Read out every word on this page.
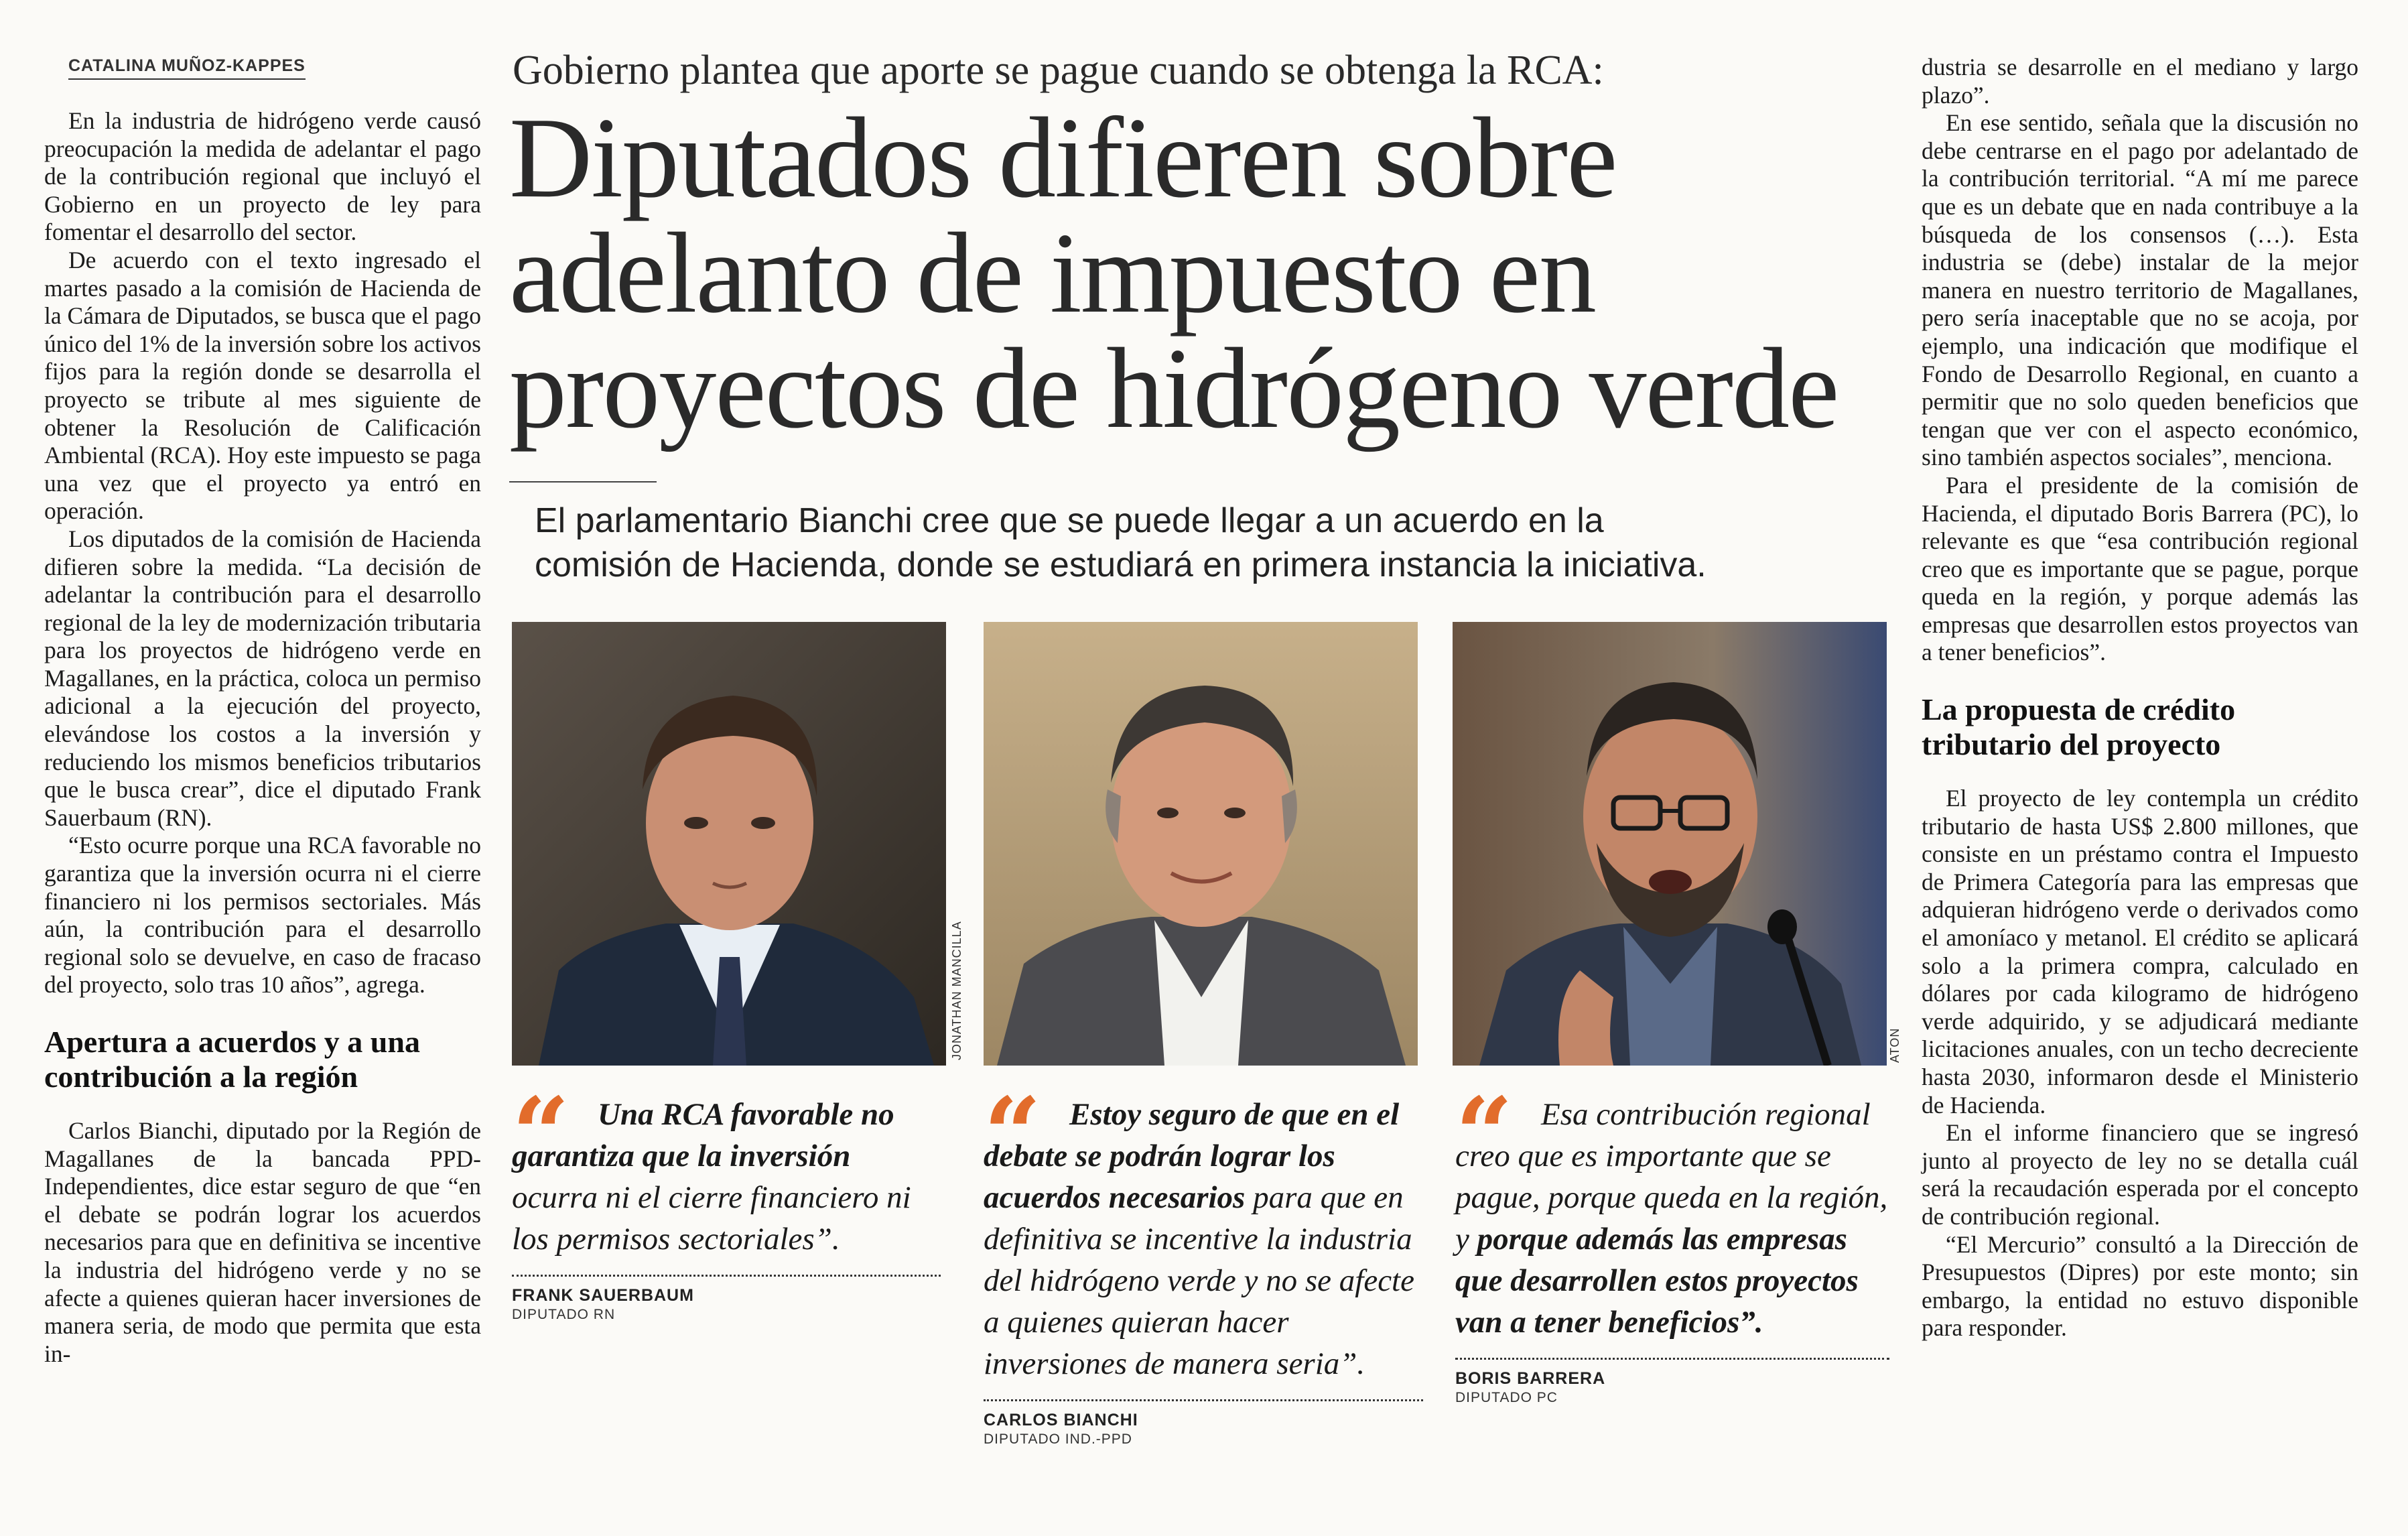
CATALINA MUÑOZ-KAPPES

En la industria de hidrógeno verde causó preocupación la medida de adelantar el pago de la contribución regional que incluyó el Gobierno en un proyecto de ley para fomentar el desarrollo del sector.

De acuerdo con el texto ingresado el martes pasado a la comisión de Hacienda de la Cámara de Diputados, se busca que el pago único del 1% de la inversión sobre los activos fijos para la región donde se desarrolla el proyecto se tribute al mes siguiente de obtener la Resolución de Calificación Ambiental (RCA). Hoy este impuesto se paga una vez que el proyecto ya entró en operación.

Los diputados de la comisión de Hacienda difieren sobre la medida. “La decisión de adelantar la contribución para el desarrollo regional de la ley de modernización tributaria para los proyectos de hidrógeno verde en Magallanes, en la práctica, coloca un permiso adicional a la ejecución del proyecto, elevándose los costos a la inversión y reduciendo los mismos beneficios tributarios que le busca crear”, dice el diputado Frank Sauerbaum (RN).

“Esto ocurre porque una RCA favorable no garantiza que la inversión ocurra ni el cierre financiero ni los permisos sectoriales. Más aún, la contribución para el desarrollo regional solo se devuelve, en caso de fracaso del proyecto, solo tras 10 años”, agrega.

Apertura a acuerdos y a una contribución a la región

Carlos Bianchi, diputado por la Región de Magallanes de la bancada PPD-Independientes, dice estar seguro de que “en el debate se podrán lograr los acuerdos necesarios para que en definitiva se incentive la industria del hidrógeno verde y no se afecte a quienes quieran hacer inversiones de manera seria, de modo que permita que esta in-

Gobierno plantea que aporte se pague cuando se obtenga la RCA:
Diputados difieren sobre
adelanto de impuesto en
proyectos de hidrógeno verde
El parlamentario Bianchi cree que se puede llegar a un acuerdo en la
comisión de Hacienda, donde se estudiará en primera instancia la iniciativa.
JONATHAN MANCILLA	ATON
“ Una RCA favorable no garantiza que la inversión ocurra ni el cierre financiero ni los permisos sectoriales”.
FRANK SAUERBAUM
DIPUTADO RN
“ Estoy seguro de que en el debate se podrán lograr los acuerdos necesarios para que en definitiva se incentive la industria del hidrógeno verde y no se afecte a quienes quieran hacer inversiones de manera seria”.
CARLOS BIANCHI
DIPUTADO IND.-PPD
“ Esa contribución regional creo que es importante que se pague, porque queda en la región, y porque además las empresas que desarrollen estos proyectos van a tener beneficios”.
BORIS BARRERA
DIPUTADO PC

dustria se desarrolle en el mediano y largo plazo”.

En ese sentido, señala que la discusión no debe centrarse en el pago por adelantado de la contribución territorial. “A mí me parece que es un debate que en nada contribuye a la búsqueda de los consensos (…). Esta industria se (debe) instalar de la mejor manera en nuestro territorio de Magallanes, pero sería inaceptable que no se acoja, por ejemplo, una indicación que modifique el Fondo de Desarrollo Regional, en cuanto a permitir que no solo queden beneficios que tengan que ver con el aspecto económico, sino también aspectos sociales”, menciona.

Para el presidente de la comisión de Hacienda, el diputado Boris Barrera (PC), lo relevante es que “esa contribución regional creo que es importante que se pague, porque queda en la región, y porque además las empresas que desarrollen estos proyectos van a tener beneficios”.

La propuesta de crédito tributario del proyecto

El proyecto de ley contempla un crédito tributario de hasta US$ 2.800 millones, que consiste en un préstamo contra el Impuesto de Primera Categoría para las empresas que adquieran hidrógeno verde o derivados como el amoníaco y metanol. El crédito se aplicará solo a la primera compra, calculado en dólares por cada kilogramo de hidrógeno verde adquirido, y se adjudicará mediante licitaciones anuales, con un techo decreciente hasta 2030, informaron desde el Ministerio de Hacienda.

En el informe financiero que se ingresó junto al proyecto de ley no se detalla cuál será la recaudación esperada por el concepto de contribución regional.

“El Mercurio” consultó a la Dirección de Presupuestos (Dipres) por este monto; sin embargo, la entidad no estuvo disponible para responder.
